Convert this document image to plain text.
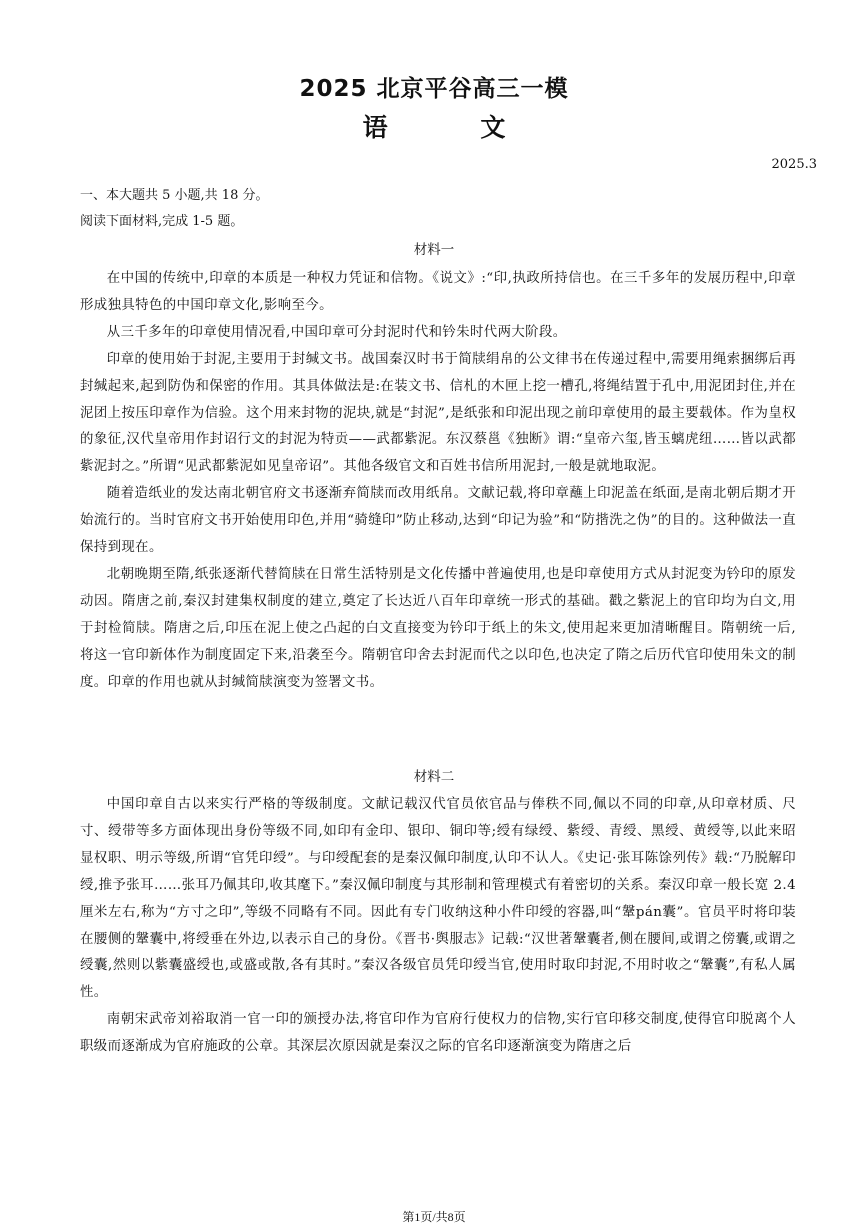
2025 北京平谷高三一模
语 文
2025.3
一、本大题共 5 小题,共 18 分。
阅读下面材料,完成 1-5 题。
材料一

在中国的传统中,印章的本质是一种权力凭证和信物。《说文》:“印,执政所持信也。在三千多年的发展历程中,印章形成独具特色的中国印章文化,影响至今。

从三千多年的印章使用情况看,中国印章可分封泥时代和钤朱时代两大阶段。

印章的使用始于封泥,主要用于封缄文书。战国秦汉时书于简牍绢帛的公文律书在传递过程中,需要用绳索捆绑后再封缄起来,起到防伪和保密的作用。其具体做法是:在装文书、信札的木匣上挖一槽孔,将绳结置于孔中,用泥团封住,并在泥团上按压印章作为信验。这个用来封物的泥块,就是“封泥”,是纸张和印泥出现之前印章使用的最主要载体。作为皇权的象征,汉代皇帝用作封诏行文的封泥为特贡——武都紫泥。东汉蔡邕《独断》谓:“皇帝六玺,皆玉螭虎纽……皆以武都紫泥封之。”所谓“见武都紫泥如见皇帝诏”。其他各级官文和百姓书信所用泥封,一般是就地取泥。

随着造纸业的发达南北朝官府文书逐渐弃简牍而改用纸帛。文献记载,将印章蘸上印泥盖在纸面,是南北朝后期才开始流行的。当时官府文书开始使用印色,并用“骑缝印”防止移动,达到“印记为验”和“防揩洗之伪”的目的。这种做法一直保持到现在。

北朝晚期至隋,纸张逐渐代替简牍在日常生活特别是文化传播中普遍使用,也是印章使用方式从封泥变为钤印的原发动因。隋唐之前,秦汉封建集权制度的建立,奠定了长达近八百年印章统一形式的基础。戳之紫泥上的官印均为白文,用于封检简牍。隋唐之后,印压在泥上使之凸起的白文直接变为钤印于纸上的朱文,使用起来更加清晰醒目。隋朝统一后,将这一官印新体作为制度固定下来,沿袭至今。隋朝官印舍去封泥而代之以印色,也决定了隋之后历代官印使用朱文的制度。印章的作用也就从封缄简牍演变为签署文书。

材料二

中国印章自古以来实行严格的等级制度。文献记载汉代官员依官品与俸秩不同,佩以不同的印章,从印章材质、尺寸、绶带等多方面体现出身份等级不同,如印有金印、银印、铜印等;绶有绿绶、紫绶、青绶、黑绶、黄绶等,以此来昭显权职、明示等级,所谓“官凭印绶”。与印绶配套的是秦汉佩印制度,认印不认人。《史记·张耳陈馀列传》载:“乃脱解印绶,推予张耳……张耳乃佩其印,收其麾下。”秦汉佩印制度与其形制和管理模式有着密切的关系。秦汉印章一般长宽 2.4 厘米左右,称为“方寸之印”,等级不同略有不同。因此有专门收纳这种小件印绶的容器,叫“鞶pán囊”。官员平时将印装在腰侧的鞶囊中,将绶垂在外边,以表示自己的身份。《晋书·舆服志》记载:“汉世著鞶囊者,侧在腰间,或谓之傍囊,或谓之绶囊,然则以紫囊盛绶也,或盛或散,各有其时。”秦汉各级官员凭印绶当官,使用时取印封泥,不用时收之“鞶囊”,有私人属性。

南朝宋武帝刘裕取消一官一印的颁授办法,将官印作为官府行使权力的信物,实行官印移交制度,使得官印脱离个人职级而逐渐成为官府施政的公章。其深层次原因就是秦汉之际的官名印逐渐演变为隋唐之后

第1页/共8页
